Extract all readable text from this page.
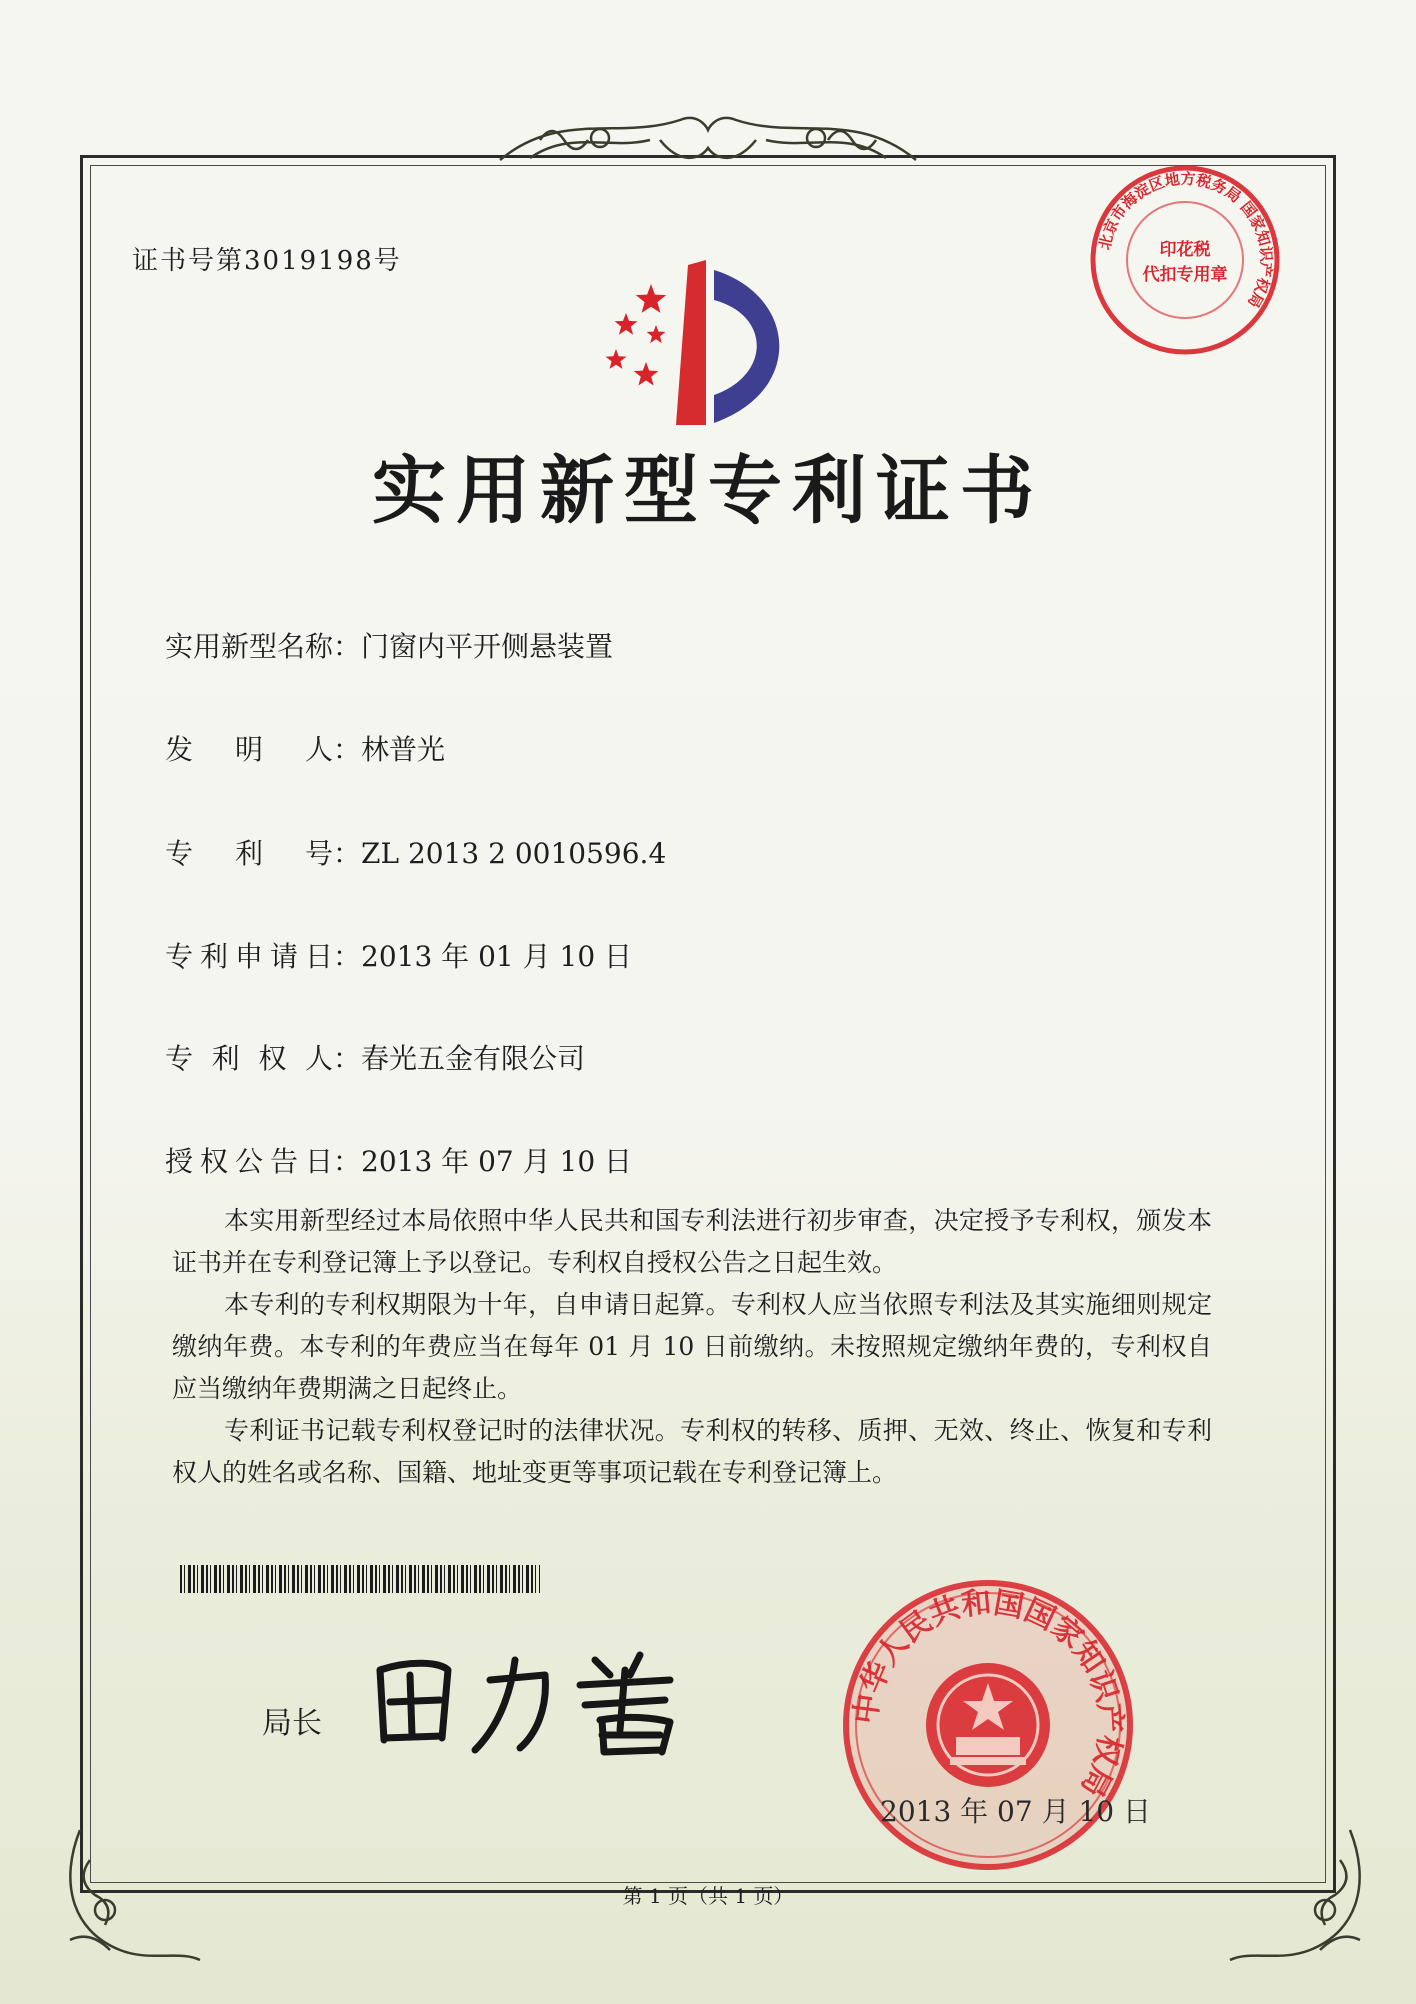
证书号第3019198号
实用新型专利证书
实用新型名称：门窗内平开侧悬装置
发明人：林普光
专利号：ZL 2013 2 0010596.4
专利申请日：2013 年 01 月 10 日
专利权人：春光五金有限公司
授权公告日：2013 年 07 月 10 日

本实用新型经过本局依照中华人民共和国专利法进行初步审查，决定授予专利权，颁发本证书并在专利登记簿上予以登记。专利权自授权公告之日起生效。

本专利的专利权期限为十年，自申请日起算。专利权人应当依照专利法及其实施细则规定缴纳年费。本专利的年费应当在每年 01 月 10 日前缴纳。未按照规定缴纳年费的，专利权自应当缴纳年费期满之日起终止。

专利证书记载专利权登记时的法律状况。专利权的转移、质押、无效、终止、恢复和专利权人的姓名或名称、国籍、地址变更等事项记载在专利登记簿上。

局长
北京市海淀区地方税务局 国家知识产权局
印花税
代扣专用章
中华人民共和国国家知识产权局
2013 年 07 月 10 日
第 1 页（共 1 页）
